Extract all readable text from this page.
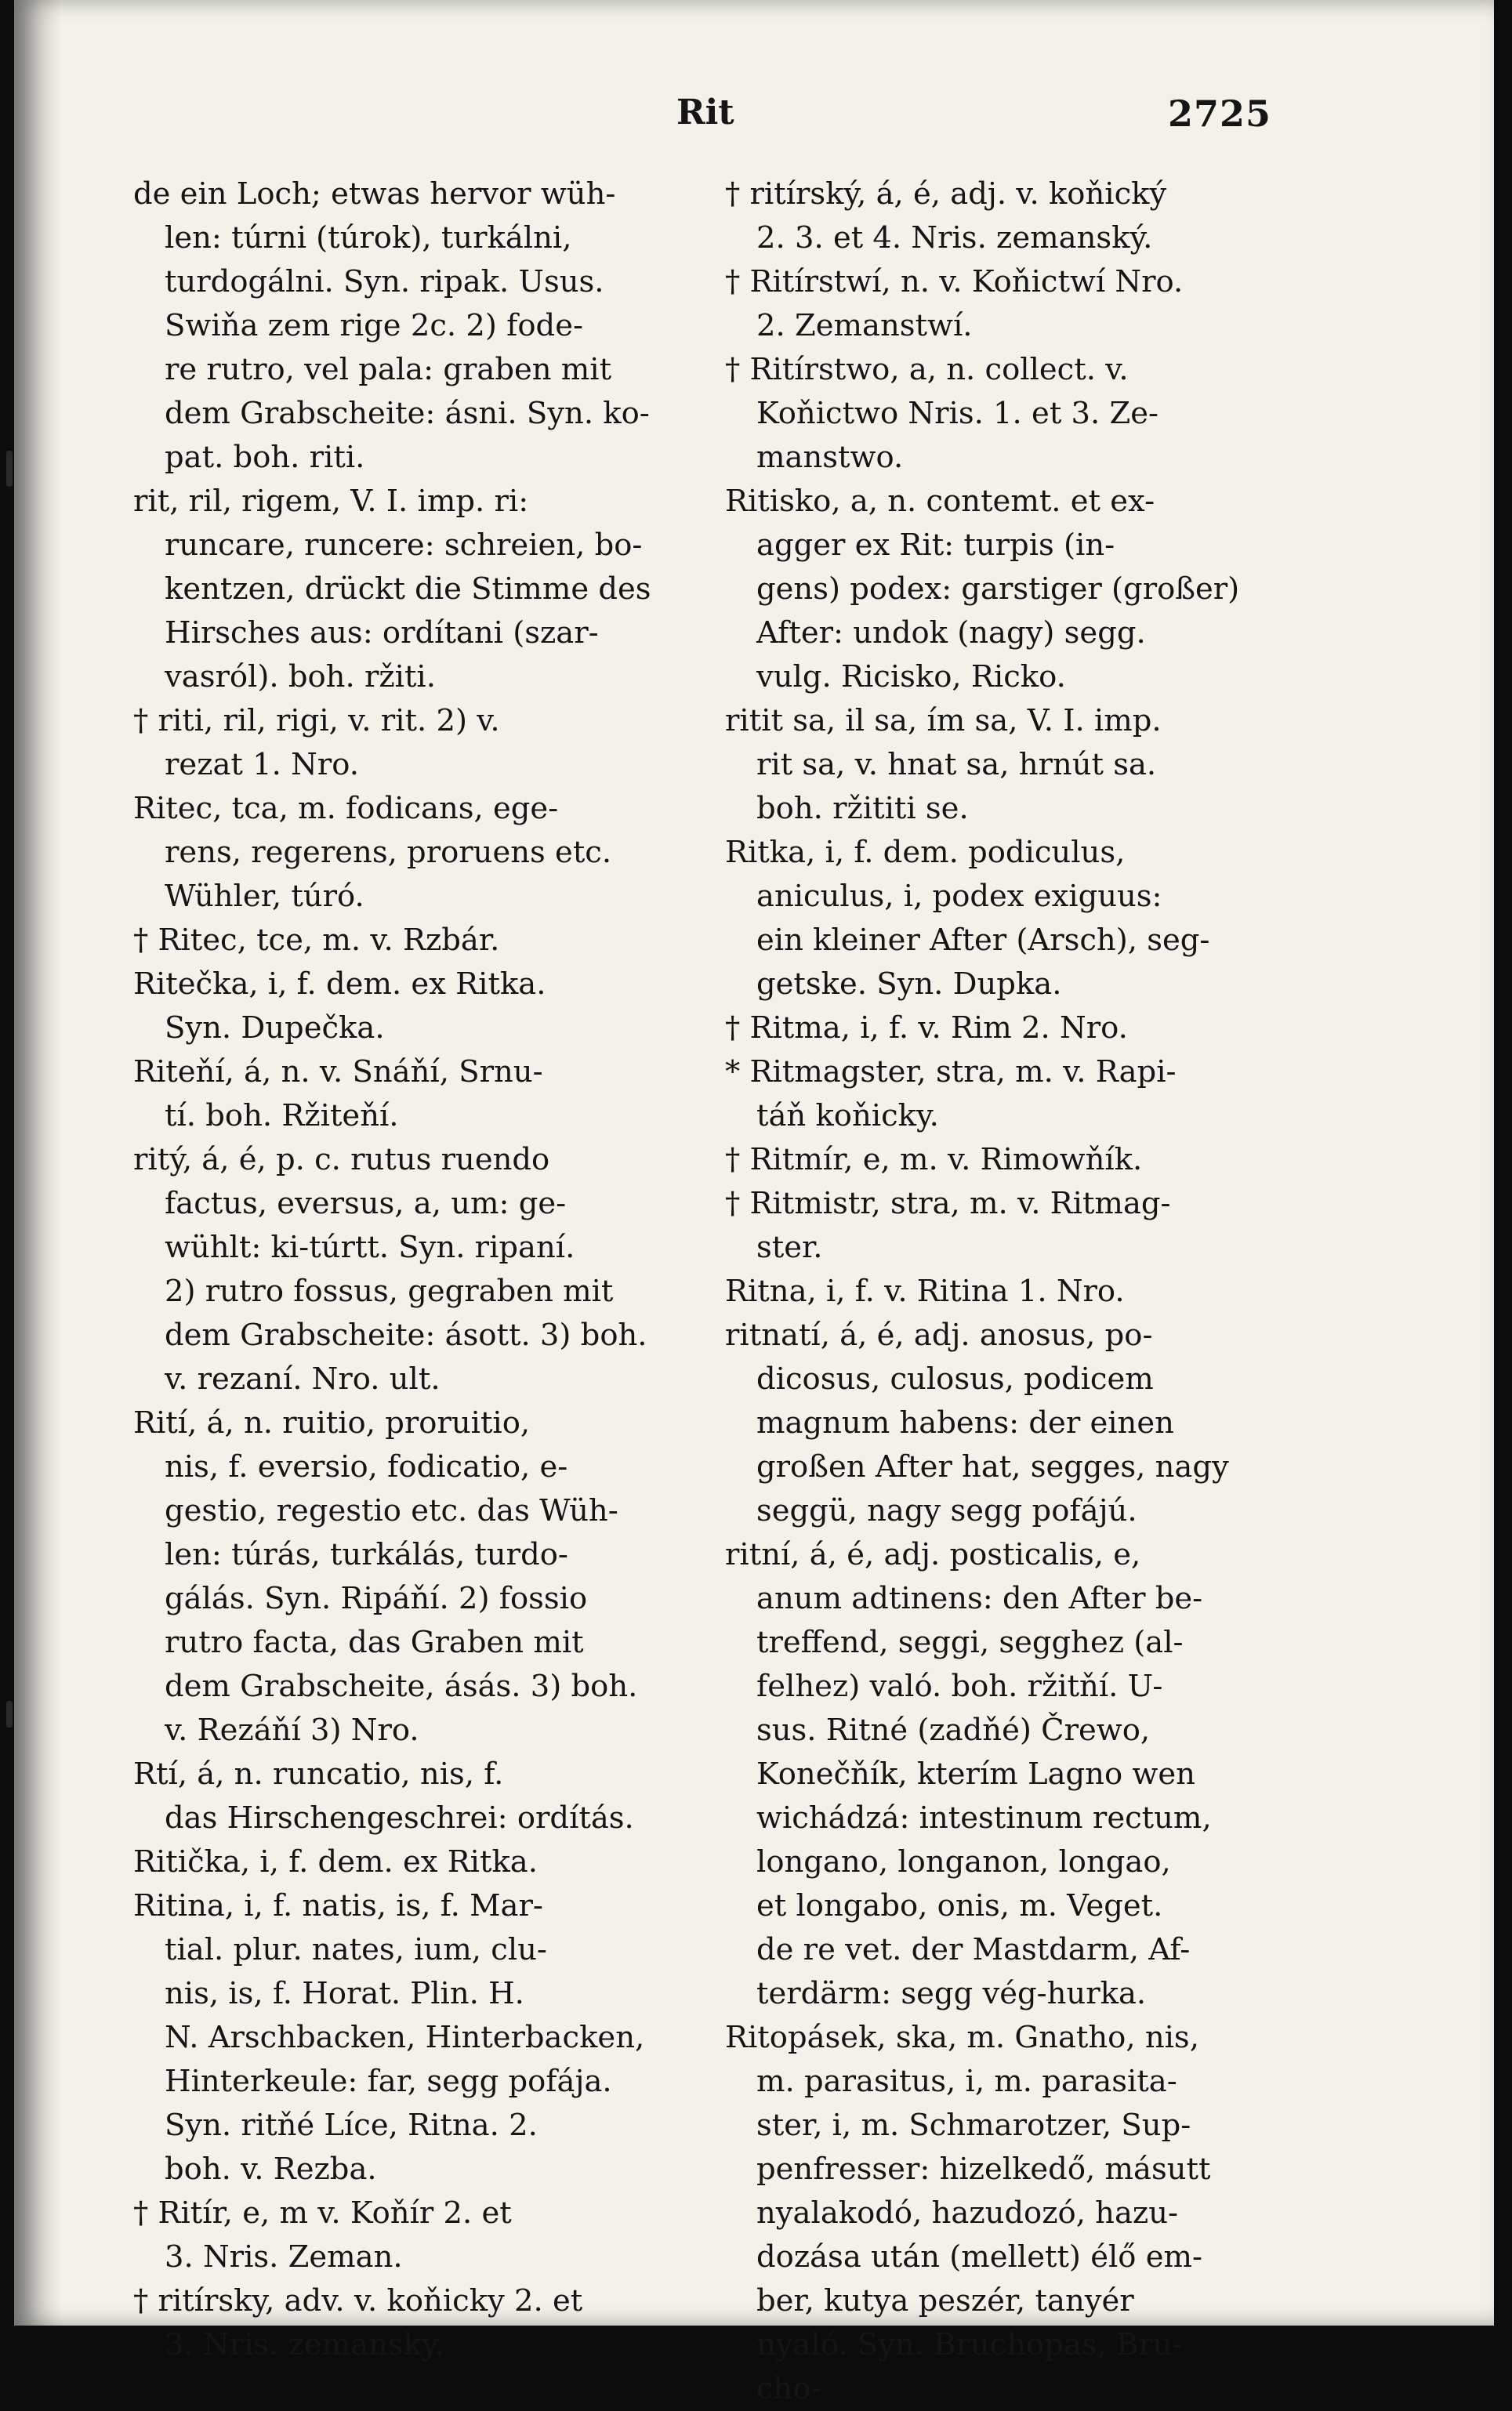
Rit	2725
de ein Loch; etwas hervor wüh-
len: túrni (túrok), turkálni,
turdogálni. Syn. ripak. Usus.
Swiňa zem rige 2c. 2) fode-
re rutro, vel pala: graben mit
dem Grabscheite: ásni. Syn. ko-
pat. boh. riti.
rit, ril, rigem, V. I. imp. ri:
runcare, runcere: schreien, bo-
kentzen, drückt die Stimme des
Hirsches aus: ordítani (szar-
vasról). boh. ržiti.
† riti, ril, rigi, v. rit. 2) v.
rezat 1. Nro.
Ritec, tca, m. fodicans, ege-
rens, regerens, proruens etc.
Wühler, túró.
† Ritec, tce, m. v. Rzbár.
Ritečka, i, f. dem. ex Ritka.
Syn. Dupečka.
Riteňí, á, n. v. Snáňí, Srnu-
tí. boh. Ržiteňí.
ritý, á, é, p. c. rutus ruendo
factus, eversus, a, um: ge-
wühlt: ki-túrtt. Syn. ripaní.
2) rutro fossus, gegraben mit
dem Grabscheite: ásott. 3) boh.
v. rezaní. Nro. ult.
Rití, á, n. ruitio, proruitio,
nis, f. eversio, fodicatio, e-
gestio, regestio etc. das Wüh-
len: túrás, turkálás, turdo-
gálás. Syn. Ripáňí. 2) fossio
rutro facta, das Graben mit
dem Grabscheite, ásás. 3) boh.
v. Rezáňí 3) Nro.
Rtí, á, n. runcatio, nis, f.
das Hirschengeschrei: ordítás.
Ritička, i, f. dem. ex Ritka.
Ritina, i, f. natis, is, f. Mar-
tial. plur. nates, ium, clu-
nis, is, f. Horat. Plin. H.
N. Arschbacken, Hinterbacken,
Hinterkeule: far, segg pofája.
Syn. ritňé Líce, Ritna. 2.
boh. v. Rezba.
† Ritír, e, m v. Koňír 2. et
3. Nris. Zeman.
† ritírsky, adv. v. koňicky 2. et
3. Nris. zemansky.
† ritírský, á, é, adj. v. koňický
2. 3. et 4. Nris. zemanský.
† Ritírstwí, n. v. Koňictwí Nro.
2. Zemanstwí.
† Ritírstwo, a, n. collect. v.
Koňictwo Nris. 1. et 3. Ze-
manstwo.
Ritisko, a, n. contemt. et ex-
agger ex Rit: turpis (in-
gens) podex: garstiger (großer)
After: undok (nagy) segg.
vulg. Ricisko, Ricko.
ritit sa, il sa, ím sa, V. I. imp.
rit sa, v. hnat sa, hrnút sa.
boh. ržititi se.
Ritka, i, f. dem. podiculus,
aniculus, i, podex exiguus:
ein kleiner After (Arsch), seg-
getske. Syn. Dupka.
† Ritma, i, f. v. Rim 2. Nro.
* Ritmagster, stra, m. v. Rapi-
táň koňicky.
† Ritmír, e, m. v. Rimowňík.
† Ritmistr, stra, m. v. Ritmag-
ster.
Ritna, i, f. v. Ritina 1. Nro.
ritnatí, á, é, adj. anosus, po-
dicosus, culosus, podicem
magnum habens: der einen
großen After hat, segges, nagy
seggü, nagy segg pofájú.
ritní, á, é, adj. posticalis, e,
anum adtinens: den After be-
treffend, seggi, segghez (al-
felhez) való. boh. ržitňí. U-
sus. Ritné (zadňé) Črewo,
Konečňík, kterím Lagno wen
wichádzá: intestinum rectum,
longano, longanon, longao,
et longabo, onis, m. Veget.
de re vet. der Mastdarm, Af-
terdärm: segg vég-hurka.
Ritopásek, ska, m. Gnatho, nis,
m. parasitus, i, m. parasita-
ster, i, m. Schmarotzer, Sup-
penfresser: hizelkedő, másutt
nyalakodó, hazudozó, hazu-
dozása után (mellett) élő em-
ber, kutya peszér, tanyér
nyaló. Syn. Bruchopas, Bru-
cho-
